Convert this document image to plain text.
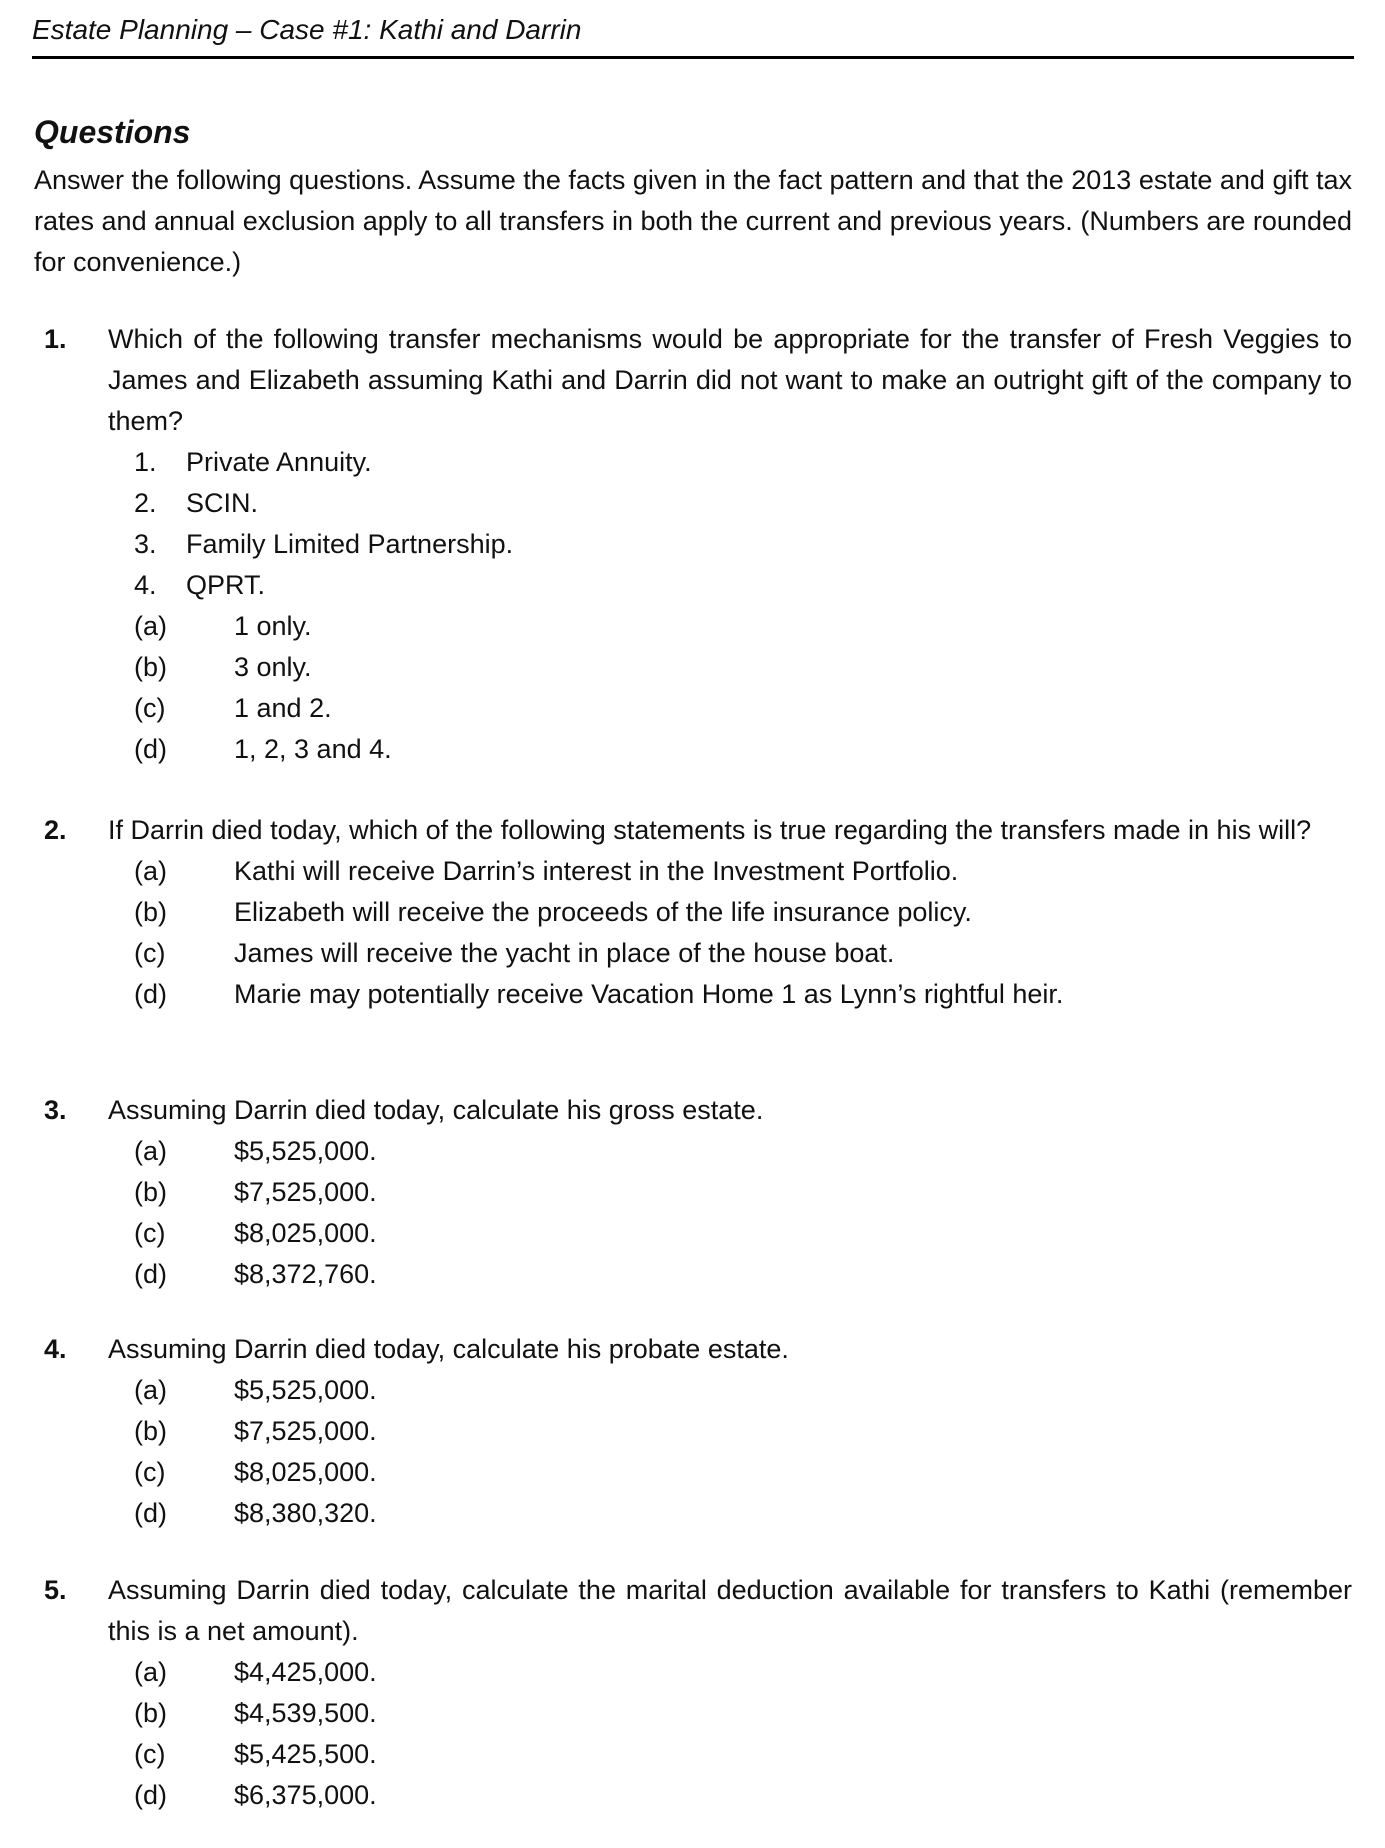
Estate Planning – Case #1: Kathi and Darrin
Questions
Answer the following questions. Assume the facts given in the fact pattern and that the 2013 estate and gift tax rates and annual exclusion apply to all transfers in both the current and previous years. (Numbers are rounded for convenience.)
1. Which of the following transfer mechanisms would be appropriate for the transfer of Fresh Veggies to James and Elizabeth assuming Kathi and Darrin did not want to make an outright gift of the company to them?
1. Private Annuity.
2. SCIN.
3. Family Limited Partnership.
4. QPRT.
(a) 1 only.
(b) 3 only.
(c)	1 and 2.
(d) 1, 2, 3 and 4.
2. If Darrin died today, which of the following statements is true regarding the transfers made in his will?
(a) Kathi will receive Darrin’s interest in the Investment Portfolio.
(b) Elizabeth will receive the proceeds of the life insurance policy.
(c)	James will receive the yacht in place of the house boat.
(d) Marie may potentially receive Vacation Home 1 as Lynn’s rightful heir.
3. Assuming Darrin died today, calculate his gross estate.
(a) $5,525,000.
(b) $7,525,000.
(c)	$8,025,000.
(d) $8,372,760.
4. Assuming Darrin died today, calculate his probate estate.
(a) $5,525,000.
(b) $7,525,000.
(c)	$8,025,000.
(d) $8,380,320.
5. Assuming Darrin died today, calculate the marital deduction available for transfers to Kathi (remember this is a net amount).
(a) $4,425,000.
(b) $4,539,500.
(c)	$5,425,500.
(d) $6,375,000.
